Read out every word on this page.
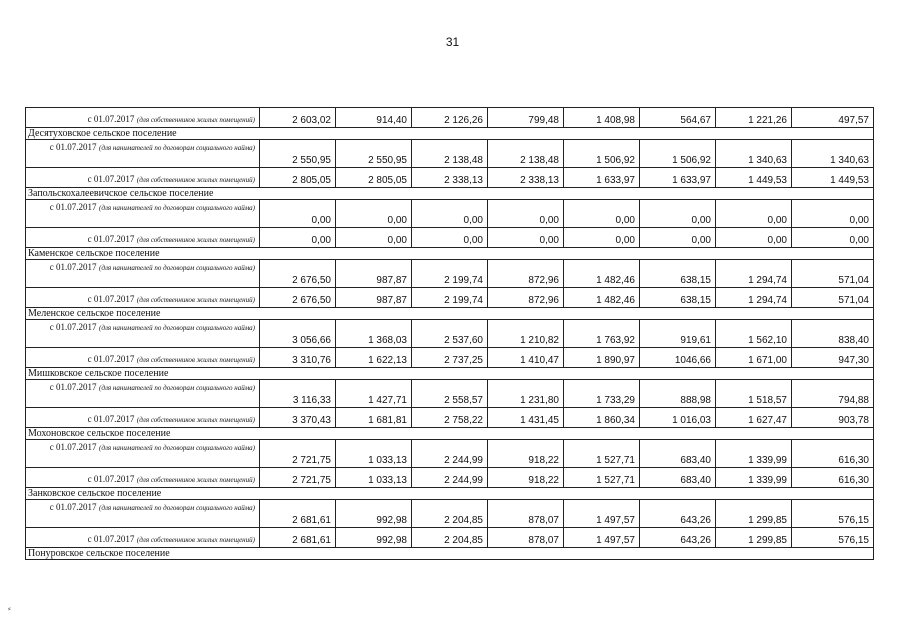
31
с 01.07.2017 (для собственников жилых помещений)	2 603,02	914,40	2 126,26	799,48	1 408,98	564,67	1 221,26	497,57
Десятуховское сельское поселение								
с 01.07.2017 (для нанимателей по договорам социального найма)	2 550,95	2 550,95	2 138,48	2 138,48	1 506,92	1 506,92	1 340,63	1 340,63
с 01.07.2017 (для собственников жилых помещений)	2 805,05	2 805,05	2 338,13	2 338,13	1 633,97	1 633,97	1 449,53	1 449,53
Запольскохалеевичское сельское поселение								
с 01.07.2017 (для нанимателей по договорам социального найма)	0,00	0,00	0,00	0,00	0,00	0,00	0,00	0,00
с 01.07.2017 (для собственников жилых помещений)	0,00	0,00	0,00	0,00	0,00	0,00	0,00	0,00
Каменское сельское поселение								
с 01.07.2017 (для нанимателей по договорам социального найма)	2 676,50	987,87	2 199,74	872,96	1 482,46	638,15	1 294,74	571,04
с 01.07.2017 (для собственников жилых помещений)	2 676,50	987,87	2 199,74	872,96	1 482,46	638,15	1 294,74	571,04
Меленское сельское поселение								
с 01.07.2017 (для нанимателей по договорам социального найма)	3 056,66	1 368,03	2 537,60	1 210,82	1 763,92	919,61	1 562,10	838,40
с 01.07.2017 (для собственников жилых помещений)	3 310,76	1 622,13	2 737,25	1 410,47	1 890,97	1046,66	1 671,00	947,30
Мишковское сельское поселение								
с 01.07.2017 (для нанимателей по договорам социального найма)	3 116,33	1 427,71	2 558,57	1 231,80	1 733,29	888,98	1 518,57	794,88
с 01.07.2017 (для собственников жилых помещений)	3 370,43	1 681,81	2 758,22	1 431,45	1 860,34	1 016,03	1 627,47	903,78
Мохоновское сельское поселение								
с 01.07.2017 (для нанимателей по договорам социального найма)	2 721,75	1 033,13	2 244,99	918,22	1 527,71	683,40	1 339,99	616,30
с 01.07.2017 (для собственников жилых помещений)	2 721,75	1 033,13	2 244,99	918,22	1 527,71	683,40	1 339,99	616,30
Занковское сельское поселение								
с 01.07.2017 (для нанимателей по договорам социального найма)	2 681,61	992,98	2 204,85	878,07	1 497,57	643,26	1 299,85	576,15
с 01.07.2017 (для собственников жилых помещений)	2 681,61	992,98	2 204,85	878,07	1 497,57	643,26	1 299,85	576,15
Понуровское сельское поселение								
⸗
